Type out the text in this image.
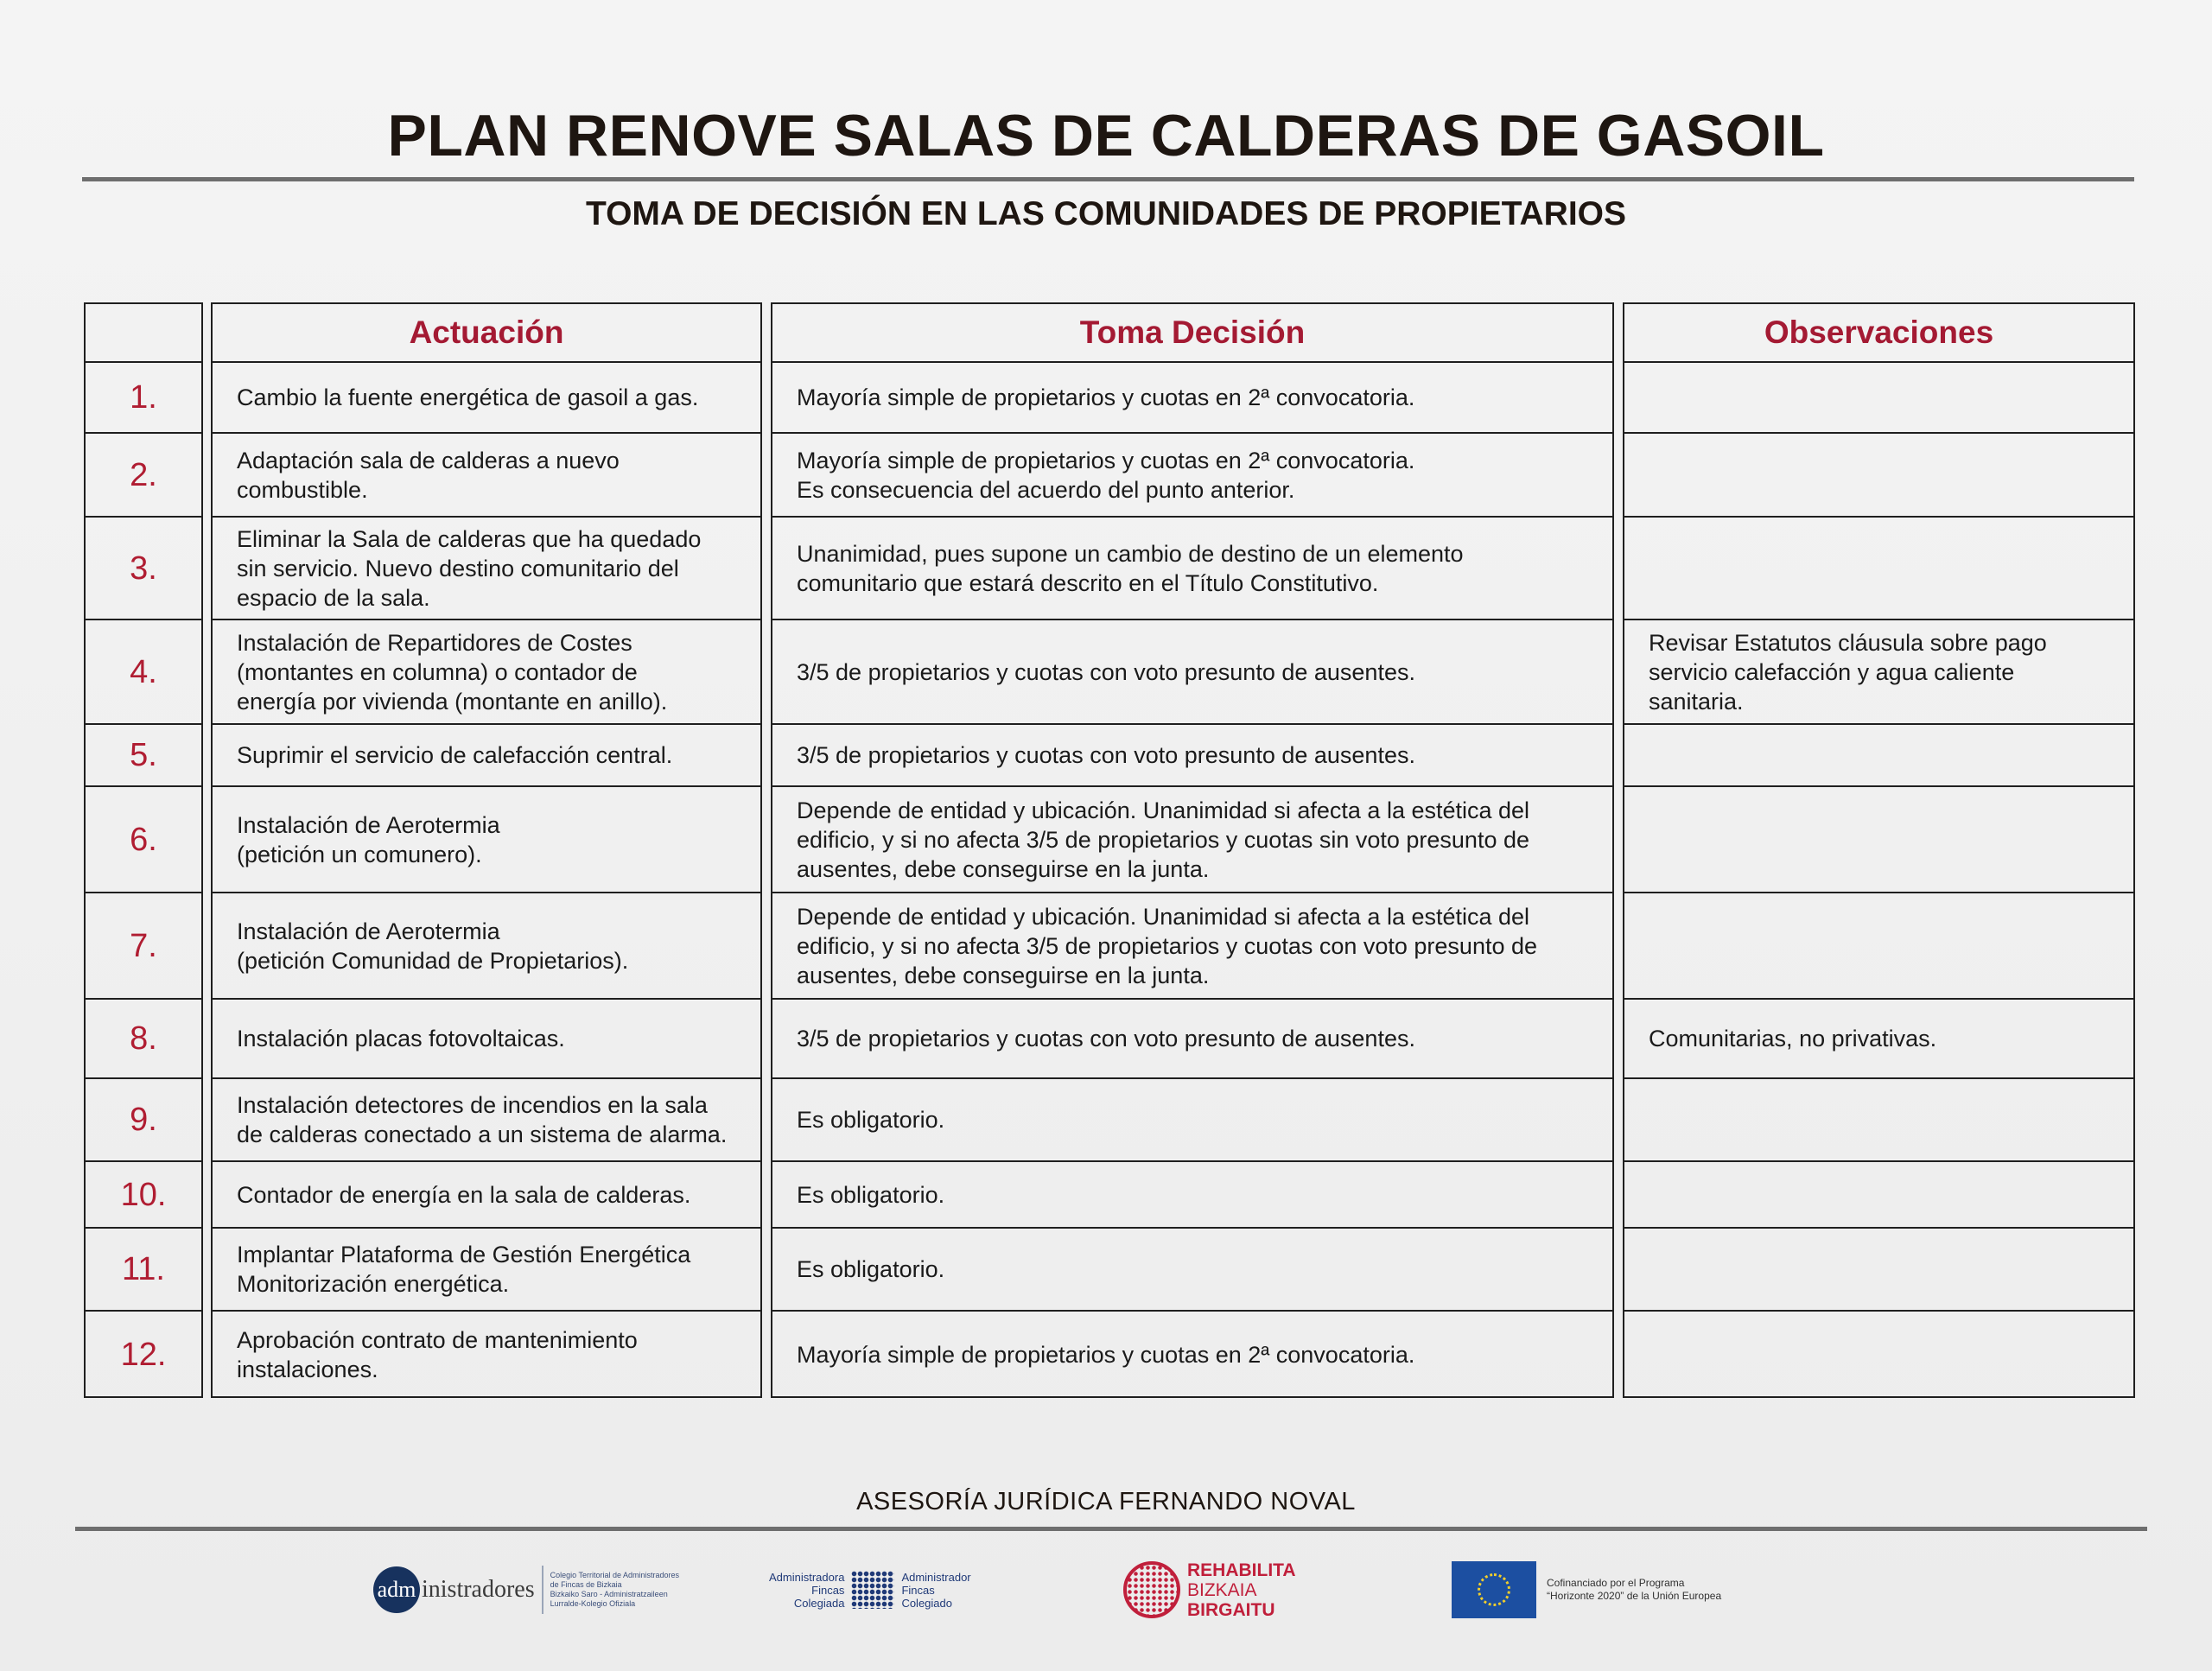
PLAN RENOVE SALAS DE CALDERAS DE GASOIL
TOMA DE DECISIÓN EN LAS COMUNIDADES DE PROPIETARIOS
1.
2.
3.
4.
5.
6.
7.
8.
9.
10.
11.
12.
Actuación
Cambio la fuente energética de gasoil a gas.
Adaptación sala de calderas a nuevo
combustible.
Eliminar la Sala de calderas que ha quedado
sin servicio. Nuevo destino comunitario del
espacio de la sala.
Instalación de Repartidores de Costes
(montantes en columna) o contador de
energía por vivienda (montante en anillo).
Suprimir el servicio de calefacción central.
Instalación de Aerotermia
(petición un comunero).
Instalación de Aerotermia
(petición Comunidad de Propietarios).
Instalación placas fotovoltaicas.
Instalación detectores de incendios en la sala
de calderas conectado a un sistema de alarma.
Contador de energía en la sala de calderas.
Implantar Plataforma de Gestión Energética
Monitorización energética.
Aprobación contrato de mantenimiento
instalaciones.
Toma Decisión
Mayoría simple de propietarios y cuotas en 2ª convocatoria.
Mayoría simple de propietarios y cuotas en 2ª convocatoria.
Es consecuencia del acuerdo del punto anterior.
Unanimidad, pues supone un cambio de destino de un elemento
comunitario que estará descrito en el Título Constitutivo.
3/5 de propietarios y cuotas con voto presunto de ausentes.
3/5 de propietarios y cuotas con voto presunto de ausentes.
Depende de entidad y ubicación. Unanimidad si afecta a la estética del
edificio, y si no afecta 3/5 de propietarios y cuotas sin voto presunto de
ausentes, debe conseguirse en la junta.
Depende de entidad y ubicación. Unanimidad si afecta a la estética del
edificio, y si no afecta 3/5 de propietarios y cuotas con voto presunto de
ausentes, debe conseguirse en la junta.
3/5 de propietarios y cuotas con voto presunto de ausentes.
Es obligatorio.
Es obligatorio.
Es obligatorio.
Mayoría simple de propietarios y cuotas en 2ª convocatoria.
Observaciones
Revisar Estatutos cláusula sobre pago
servicio calefacción y agua caliente
sanitaria.
Comunitarias, no privativas.
ASESORÍA JURÍDICA FERNANDO NOVAL
adm inistradores
Colegio Territorial de Administradores de Fincas de Bizkaia
Bizkaiko Saro - Administratzaileen Lurralde-Kolegio Ofiziala
Administradora
Fincas
Colegiada
Administrador
Fincas
Colegiado
REHABILITA
BIZKAIA
BIRGAITU
Cofinanciado por el Programa
“Horizonte 2020” de la Unión Europea
